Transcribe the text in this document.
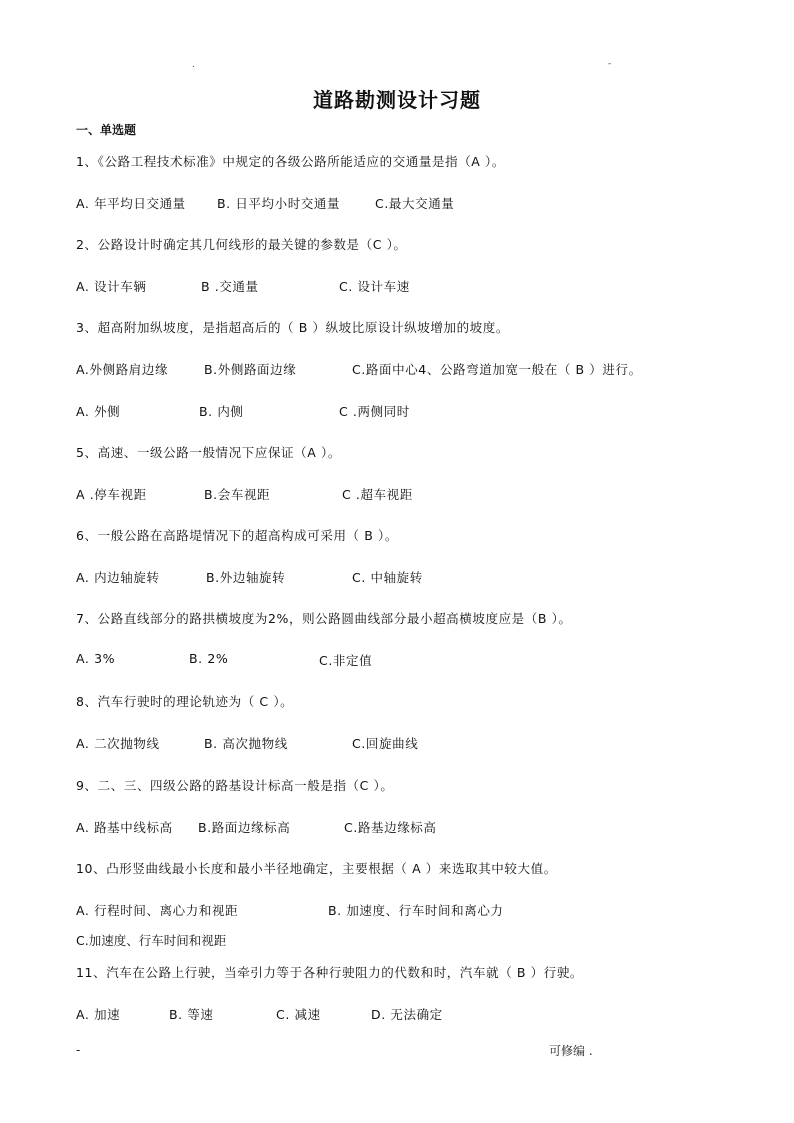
.	-
道路勘测设计习题
一、单选题
1、《公路工程技术标准》中规定的各级公路所能适应的交通量是指（A ）。
A. 年平均日交通量 B. 日平均小时交通量	C.最大交通量
2、公路设计时确定其几何线形的最关键的参数是（C ）。
A. 设计车辆	B .交通量	C. 设计车速
3、超高附加纵坡度，是指超高后的（ B ）纵坡比原设计纵坡增加的坡度。
A.外侧路肩边缘	B.外侧路面边缘	C.路面中心4、公路弯道加宽一般在（ B ）进行。
A. 外侧	B. 内侧	C .两侧同时
5、高速、一级公路一般情况下应保证（A ）。
A .停车视距	B.会车视距	C .超车视距
6、一般公路在高路堤情况下的超高构成可采用（ B ）。
A. 内边轴旋转	B.外边轴旋转	C. 中轴旋转
7、公路直线部分的路拱横坡度为2%，则公路圆曲线部分最小超高横坡度应是（B ）。
A. 3%	B. 2%	C.非定值
8、汽车行驶时的理论轨迹为（ C ）。
A. 二次抛物线	B. 高次抛物线	C.回旋曲线
9、二、三、四级公路的路基设计标高一般是指（C ）。
A. 路基中线标高 B.路面边缘标高	C.路基边缘标高
10、凸形竖曲线最小长度和最小半径地确定，主要根据（ A ）来选取其中较大值。
A. 行程时间、离心力和视距	B. 加速度、行车时间和离心力
C.加速度、行车时间和视距
11、汽车在公路上行驶，当牵引力等于各种行驶阻力的代数和时，汽车就（ B ）行驶。
A. 加速	B. 等速	C. 减速	D. 无法确定
-	可修编 .
